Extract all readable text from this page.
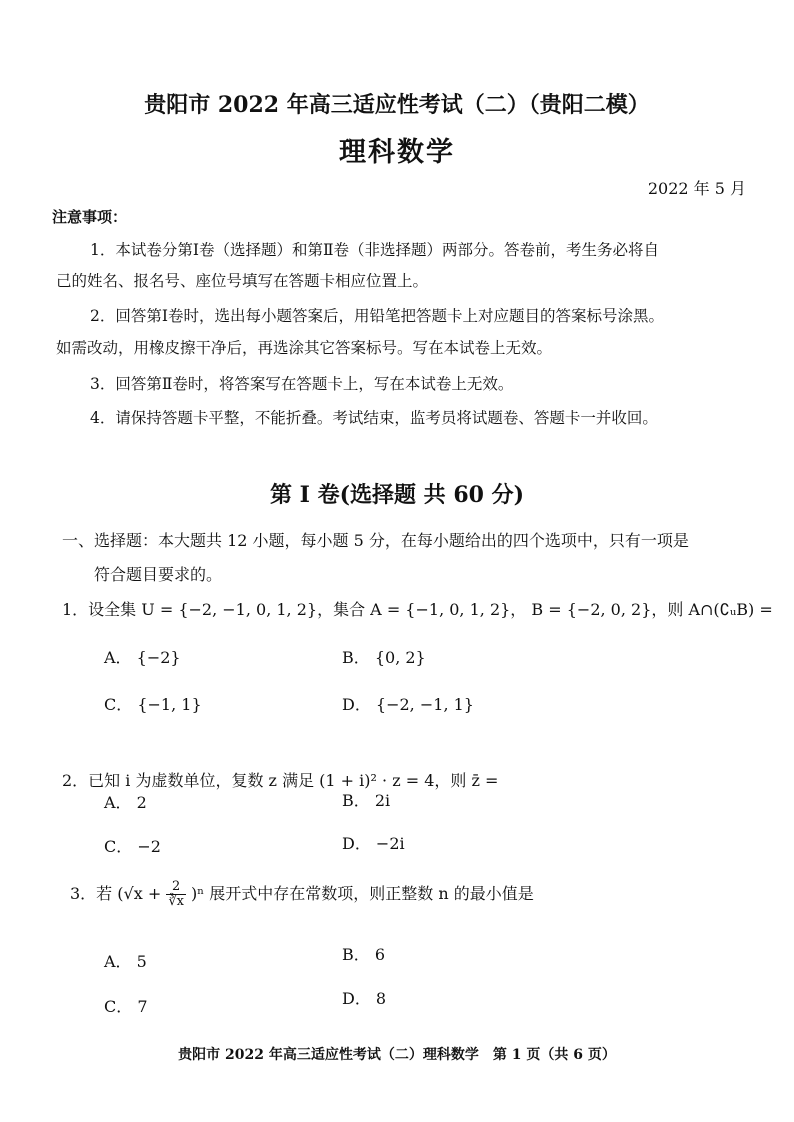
贵阳市 2022 年高三适应性考试（二）（贵阳二模）
理科数学
2022 年 5 月
注意事项：
1．本试卷分第Ⅰ卷（选择题）和第Ⅱ卷（非选择题）两部分。答卷前，考生务必将自
己的姓名、报名号、座位号填写在答题卡相应位置上。
2．回答第Ⅰ卷时，选出每小题答案后，用铅笔把答题卡上对应题目的答案标号涂黑。
如需改动，用橡皮擦干净后，再选涂其它答案标号。写在本试卷上无效。
3．回答第Ⅱ卷时，将答案写在答题卡上，写在本试卷上无效。
4．请保持答题卡平整，不能折叠。考试结束，监考员将试题卷、答题卡一并收回。
第 I 卷(选择题 共 60 分)
一、选择题：本大题共 12 小题，每小题 5 分，在每小题给出的四个选项中，只有一项是
符合题目要求的。
1．设全集 U = {−2, −1, 0, 1, 2}，集合 A = {−1, 0, 1, 2}， B = {−2, 0, 2}，则 A∩(∁ᵤB) =
A． {−2}	B． {0, 2}
C． {−1, 1}	D． {−2, −1, 1}
2．已知 i 为虚数单位，复数 z 满足 (1 + i)² · z = 4，则 z̄ =
A． 2	B． 2i
C． −2	D． −2i
3．若 $(√x + \frac{2}{∛x} )^n$ 展开式中存在常数项，则正整数 n 的最小值是
A． 5	B． 6
C． 7	D． 8
贵阳市 2022 年高三适应性考试（二）理科数学　第 1 页（共 6 页）
